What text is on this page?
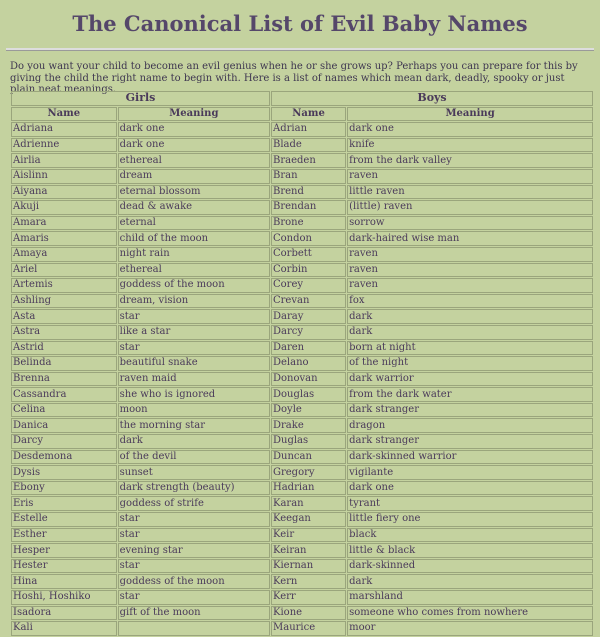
The Canonical List of Evil Baby Names

Do you want your child to become an evil genius when he or she grows up? Perhaps you can prepare for this by giving the child the right name to begin with. Here is a list of names which mean dark, deadly, spooky or just plain neat meanings.

Girls		Boys	
Name	Meaning	Name	Meaning
Adriana	dark one	Adrian	dark one
Adrienne	dark one	Blade	knife
Airlia	ethereal	Braeden	from the dark valley
Aislinn	dream	Bran	raven
Aiyana	eternal blossom	Brend	little raven
Akuji	dead & awake	Brendan	(little) raven
Amara	eternal	Brone	sorrow
Amaris	child of the moon	Condon	dark-haired wise man
Amaya	night rain	Corbett	raven
Ariel	ethereal	Corbin	raven
Artemis	goddess of the moon	Corey	raven
Ashling	dream, vision	Crevan	fox
Asta	star	Daray	dark
Astra	like a star	Darcy	dark
Astrid	star	Daren	born at night
Belinda	beautiful snake	Delano	of the night
Brenna	raven maid	Donovan	dark warrior
Cassandra	she who is ignored	Douglas	from the dark water
Celina	moon	Doyle	dark stranger
Danica	the morning star	Drake	dragon
Darcy	dark	Duglas	dark stranger
Desdemona	of the devil	Duncan	dark-skinned warrior
Dysis	sunset	Gregory	vigilante
Ebony	dark strength (beauty)	Hadrian	dark one
Eris	goddess of strife	Karan	tyrant
Estelle	star	Keegan	little fiery one
Esther	star	Keir	black
Hesper	evening star	Keiran	little & black
Hester	star	Kiernan	dark-skinned
Hina	goddess of the moon	Kern	dark
Hoshi, Hoshiko	star	Kerr	marshland
Isadora	gift of the moon	Kione	someone who comes from nowhere
Kali		Maurice	moor
